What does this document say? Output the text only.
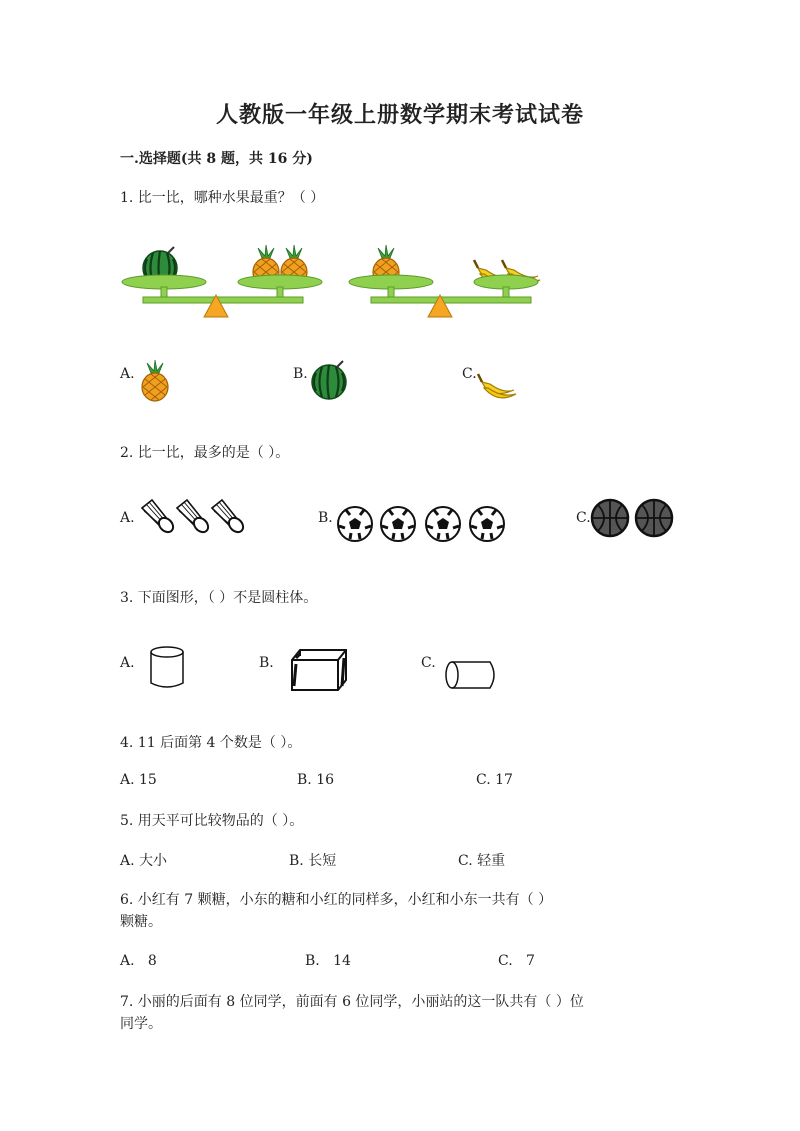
人教版一年级上册数学期末考试试卷
一.选择题(共 8 题，共 16 分)
1. 比一比，哪种水果最重？（ ）
A.	B.	C.
2. 比一比，最多的是（ ）。
A.	B.	C.
3. 下面图形，（ ）不是圆柱体。
A.	B.	C.
4. 11 后面第 4 个数是（ ）。
A. 15	B. 16	C. 17
5. 用天平可比较物品的（ ）。
A. 大小	B. 长短	C. 轻重
6. 小红有 7 颗糖，小东的糖和小红的同样多，小红和小东一共有（ ）
颗糖。
A.   8	B.   14	C.   7
7. 小丽的后面有 8 位同学，前面有 6 位同学，小丽站的这一队共有（ ）位
同学。
